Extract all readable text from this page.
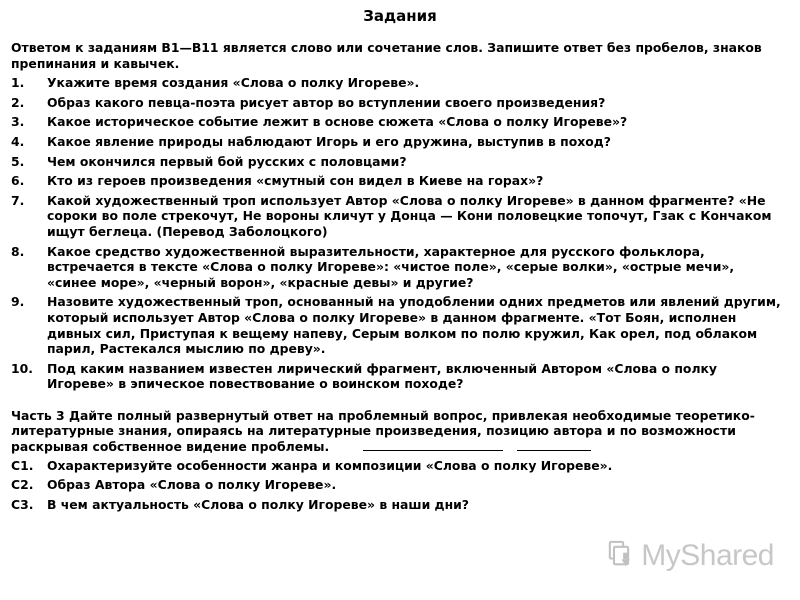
Задания

Ответом к заданиям В1—В11 является слово или сочетание слов. Запишите ответ без пробелов, знаков препинания и кавычек.

1.	Укажите время создания «Слова о полку Игореве».
2.	Образ какого певца-поэта рисует автор во вступлении своего произведения?
3.	Какое историческое событие лежит в основе сюжета «Слова о полку Игореве»?
4.	Какое явление природы наблюдают Игорь и его дружина, выступив в поход?
5.	Чем окончился первый бой русских с половцами?
6.	Кто из героев произведения «смутный сон видел в Киеве на горах»?
7.	Какой художественный троп использует Автор «Слова о полку Игореве» в данном фрагменте? «Не сороки во поле стрекочут, Не вороны кличут у Донца — Кони половецкие топочут, Гзак с Кончаком ищут беглеца. (Перевод Заболоцкого)
8.	Какое средство художественной выразительности, характерное для русского фольклора, встречается в тексте «Слова о полку Игореве»: «чистое поле», «серые волки», «острые мечи», «синее море», «черный ворон», «красные девы» и другие?
9.	Назовите художественный троп, основанный на уподоблении одних предметов или явлений другим, который использует Автор «Слова о полку Игореве» в данном фрагменте. «Тот Боян, исполнен дивных сил, Приступая к вещему напеву, Серым волком по полю кружил, Как орел, под облаком парил, Растекался мыслию по древу».
10.	Под каким названием известен лирический фрагмент, включенный Автором «Слова о полку Игореве» в эпическое повествование о воинском походе?

Часть 3 Дайте полный развернутый ответ на проблемный вопрос, привлекая необходимые теоретико-литературные знания, опираясь на литературные произведения, позицию автора и по возможности раскрывая собственное видение проблемы.

С1.	Охарактеризуйте особенности жанра и композиции «Слова о полку Игореве».
С2.	Образ Автора «Слова о полку Игореве».
С3.	В чем актуальность «Слова о полку Игореве» в наши дни?
MyShared
